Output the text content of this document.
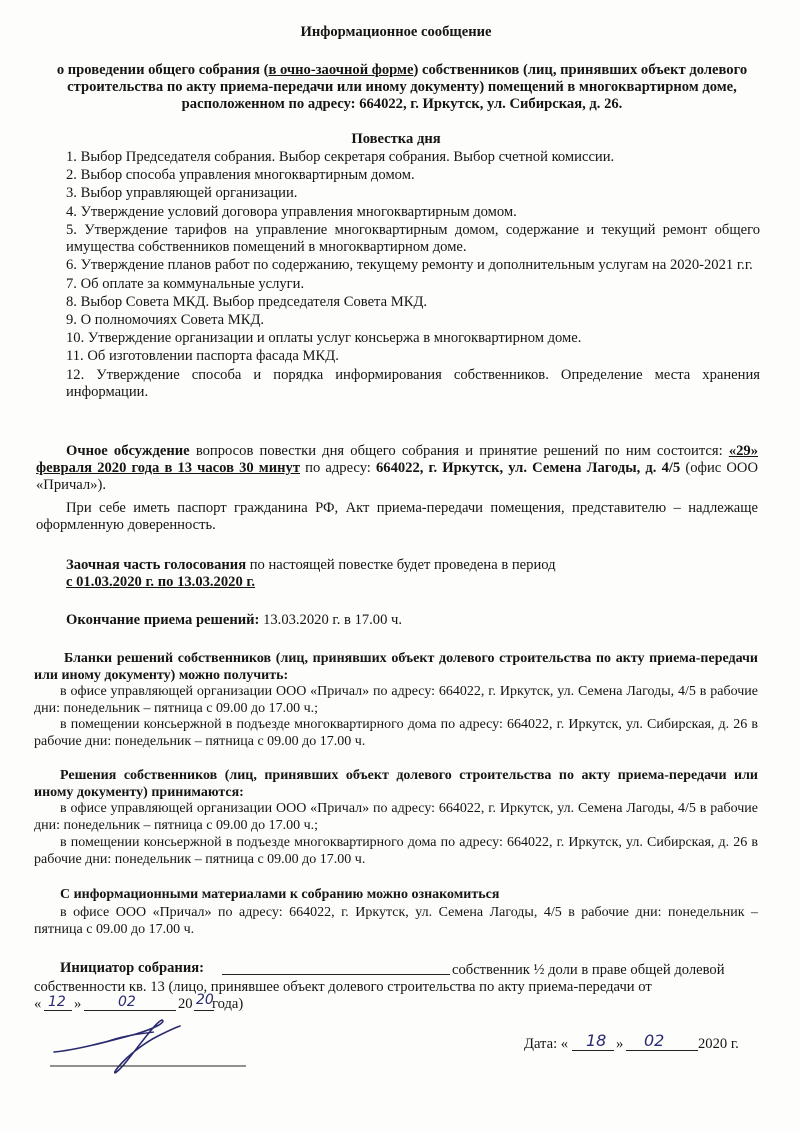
Информационное сообщение

о проведении общего собрания (в очно-заочной форме) собственников (лиц, принявших объект долевого строительства по акту приема-передачи или иному документу) помещений в многоквартирном доме, расположенном по адресу: 664022, г. Иркутск, ул. Сибирская, д. 26.

Повестка дня

1. Выбор Председателя собрания. Выбор секретаря собрания. Выбор счетной комиссии.
2. Выбор способа управления многоквартирным домом.
3. Выбор управляющей организации.
4. Утверждение условий договора управления многоквартирным домом.
5. Утверждение тарифов на управление многоквартирным домом, содержание и текущий ремонт общего имущества собственников помещений в многоквартирном доме.
6. Утверждение планов работ по содержанию, текущему ремонту и дополнительным услугам на 2020-2021 г.г.
7. Об оплате за коммунальные услуги.
8. Выбор Совета МКД. Выбор председателя Совета МКД.
9. О полномочиях Совета МКД.
10. Утверждение организации и оплаты услуг консьержа в многоквартирном доме.
11. Об изготовлении паспорта фасада МКД.
12. Утверждение способа и порядка информирования собственников. Определение места хранения информации.

Очное обсуждение вопросов повестки дня общего собрания и принятие решений по ним состоится: «29» февраля 2020 года в 13 часов 30 минут по адресу: 664022, г. Иркутск, ул. Семена Лагоды, д. 4/5 (офис ООО «Причал»).

При себе иметь паспорт гражданина РФ, Акт приема-передачи помещения, представителю – надлежаще оформленную доверенность.

Заочная часть голосования по настоящей повестке будет проведена в период
с 01.03.2020 г. по 13.03.2020 г.

Окончание приема решений: 13.03.2020 г. в 17.00 ч.

Бланки решений собственников (лиц, принявших объект долевого строительства по акту приема-передачи или иному документу) можно получить:

в офисе управляющей организации ООО «Причал» по адресу: 664022, г. Иркутск, ул. Семена Лагоды, 4/5 в рабочие дни: понедельник – пятница с 09.00 до 17.00 ч.;

в помещении консьержной в подъезде многоквартирного дома по адресу: 664022, г. Иркутск, ул. Сибирская, д. 26 в рабочие дни: понедельник – пятница с 09.00 до 17.00 ч.

Решения собственников (лиц, принявших объект долевого строительства по акту приема-передачи или иному документу) принимаются:

в офисе управляющей организации ООО «Причал» по адресу: 664022, г. Иркутск, ул. Семена Лагоды, 4/5 в рабочие дни: понедельник – пятница с 09.00 до 17.00 ч.;

в помещении консьержной в подъезде многоквартирного дома по адресу: 664022, г. Иркутск, ул. Сибирская, д. 26 в рабочие дни: понедельник – пятница с 09.00 до 17.00 ч.

С информационными материалами к собранию можно ознакомиться

в офисе ООО «Причал» по адресу: 664022, г. Иркутск, ул. Семена Лагоды, 4/5 в рабочие дни: понедельник – пятница с 09.00 до 17.00 ч.

Инициатор собрания:	собственник ½ доли в праве общей долевой

собственности кв. 13 (лицо, принявшее объект долевого строительства по акту приема-передачи от

« 12 »	02	20 20
года)
Дата: « 18 » 02 2020 г.
